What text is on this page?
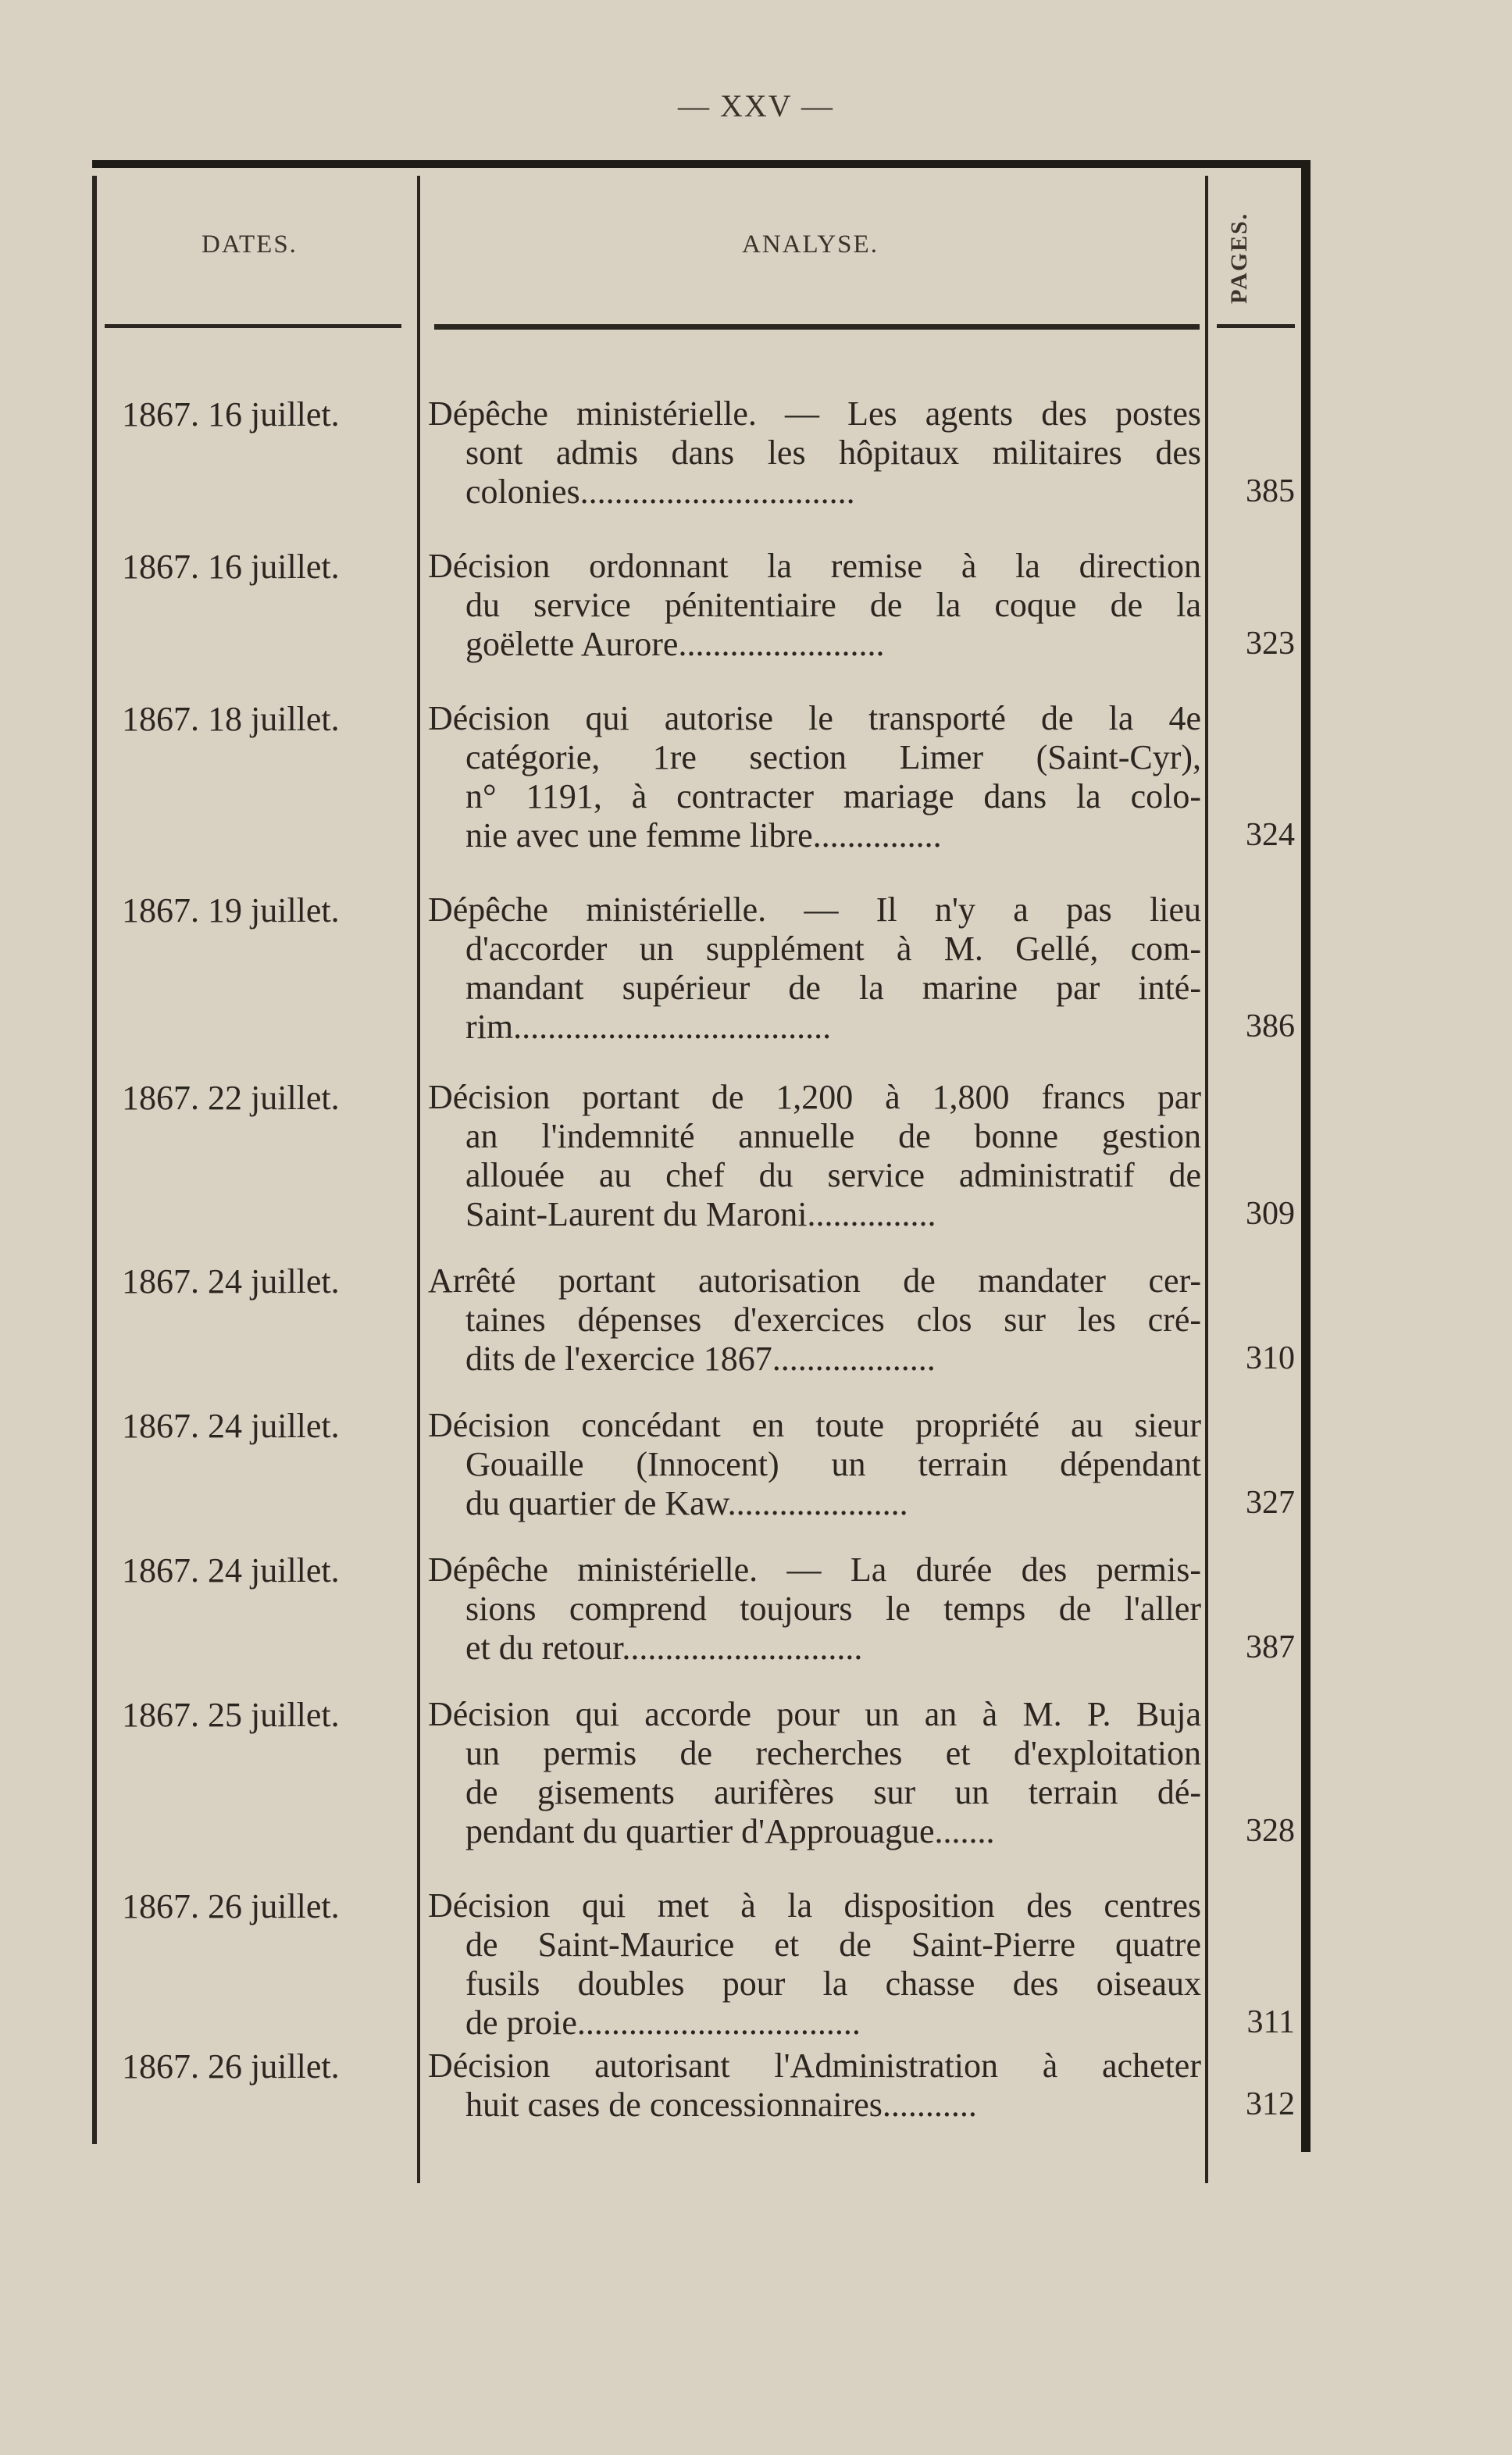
— XXV —
DATES.	ANALYSE.	PAGES.
1867. 16 juillet.	Dépêche ministérielle. — Les agents des postes
sont admis dans les hôpitaux militaires des
colonies................................	385
1867. 16 juillet.	Décision ordonnant la remise à la direction
du service pénitentiaire de la coque de la
goëlette Aurore........................	323
1867. 18 juillet.	Décision qui autorise le transporté de la 4e
catégorie, 1re section Limer (Saint-Cyr),
n° 1191, à contracter mariage dans la colo-
nie avec une femme libre...............	324
1867. 19 juillet.	Dépêche ministérielle. — Il n'y a pas lieu
d'accorder un supplément à M. Gellé, com-
mandant supérieur de la marine par inté-
rim.....................................	386
1867. 22 juillet.	Décision portant de 1,200 à 1,800 francs par
an l'indemnité annuelle de bonne gestion
allouée au chef du service administratif de
Saint-Laurent du Maroni...............	309
1867. 24 juillet.	Arrêté portant autorisation de mandater cer-
taines dépenses d'exercices clos sur les cré-
dits de l'exercice 1867...................	310
1867. 24 juillet.	Décision concédant en toute propriété au sieur
Gouaille (Innocent) un terrain dépendant
du quartier de Kaw.....................	327
1867. 24 juillet.	Dépêche ministérielle. — La durée des permis-
sions comprend toujours le temps de l'aller
et du retour............................	387
1867. 25 juillet.	Décision qui accorde pour un an à M. P. Buja
un permis de recherches et d'exploitation
de gisements aurifères sur un terrain dé-
pendant du quartier d'Approuague.......	328
1867. 26 juillet.	Décision qui met à la disposition des centres
de Saint-Maurice et de Saint-Pierre quatre
fusils doubles pour la chasse des oiseaux
de proie.................................	311
1867. 26 juillet.	Décision autorisant l'Administration à acheter
huit cases de concessionnaires...........	312
